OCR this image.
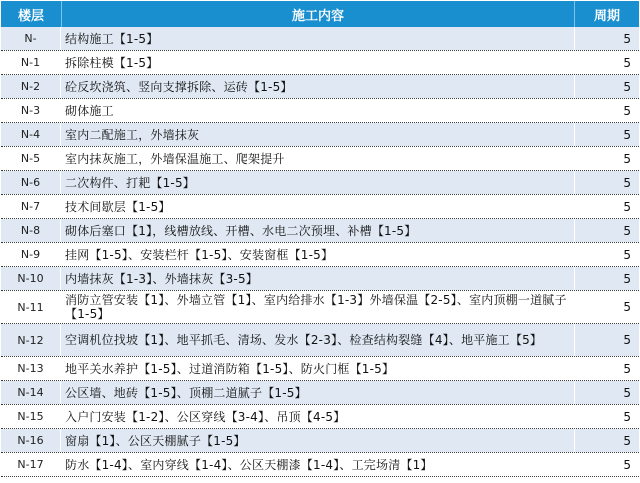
楼层	施工内容	周期
N-	结构施工【1-5】	5
N-1	拆除柱模【1-5】	5
N-2	砼反坎浇筑、竖向支撑拆除、运砖【1-5】	5
N-3	砌体施工	5
N-4	室内二配施工，外墙抹灰	5
N-5	室内抹灰施工，外墙保温施工、爬架提升	5
N-6	二次构件、打耙【1-5】	5
N-7	技术间歇层【1-5】	5
N-8	砌体后塞口【1】，线槽放线、开槽、水电二次预埋、补槽【1-5】	5
N-9	挂网【1-5】、安装栏杆【1-5】、安装窗框【1-5】	5
N-10	内墙抹灰【1-3】、外墙抹灰【3-5】	5
N-11	消防立管安装【1】、外墙立管【1】、室内给排水【1-3】外墙保温【2-5】、室内顶棚一道腻子【1-5】	5
N-12	空调机位找坡【1】、地平抓毛、清场、发水【2-3】、检查结构裂缝【4】、地平施工【5】	5
N-13	地平关水养护【1-5】、过道消防箱【1-5】、防火门框【1-5】	5
N-14	公区墙、地砖【1-5】、顶棚二道腻子【1-5】	5
N-15	入户门安装【1-2】、公区穿线【3-4】、吊顶【4-5】	5
N-16	窗扇【1】、公区天棚腻子【1-5】	5
N-17	防水【1-4】、室内穿线【1-4】、公区天棚漆【1-4】、工完场清【1】	5
